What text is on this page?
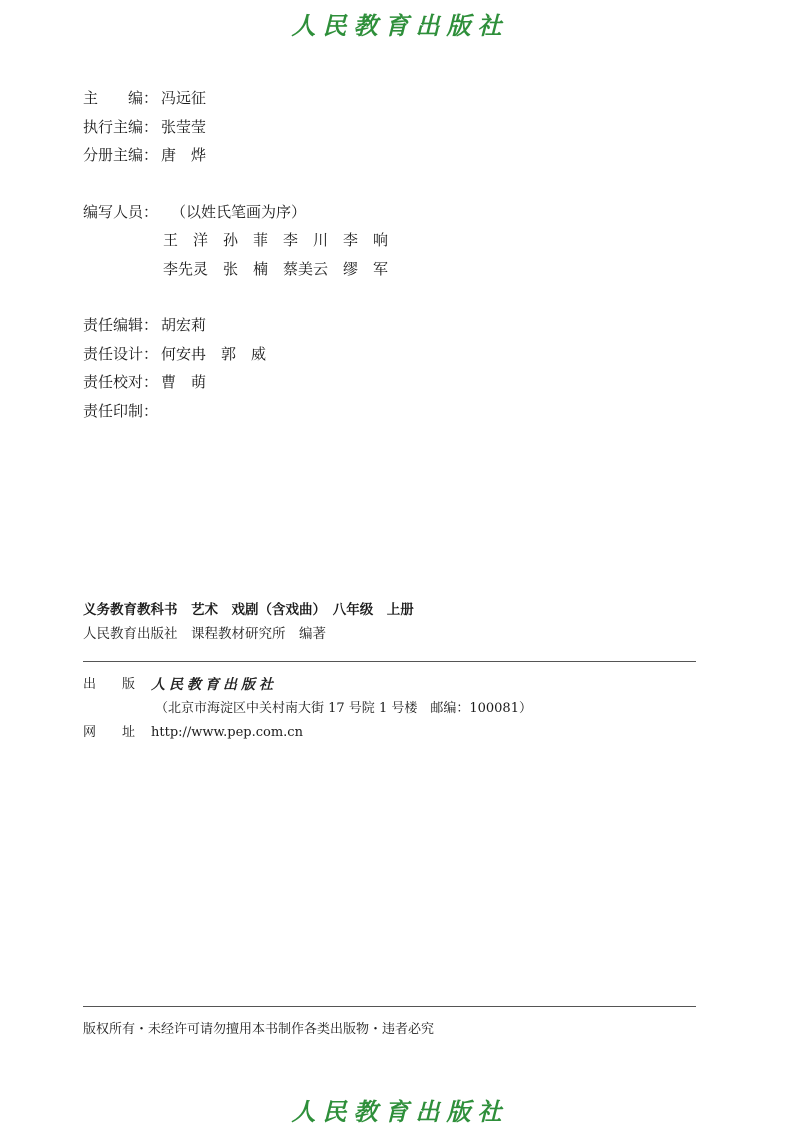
人民教育出版社
主　　编： 冯远征
执行主编： 张莹莹
分册主编： 唐　烨
编写人员： （以姓氏笔画为序）
王　洋　孙　菲　李　川　李　响
李先灵　张　楠　蔡美云　缪　军
责任编辑： 胡宏莉
责任设计： 何安冉　郭　威
责任校对： 曹　萌
责任印制：
义务教育教科书　艺术　戏剧（含戏曲）　八年级　上册
人民教育出版社　课程教材研究所　编著
出　　版	人民教育出版社
（北京市海淀区中关村南大街 17 号院 1 号楼　邮编：100081）
网　　址	http://www.pep.com.cn
版权所有・未经许可请勿擅用本书制作各类出版物・违者必究
人民教育出版社
